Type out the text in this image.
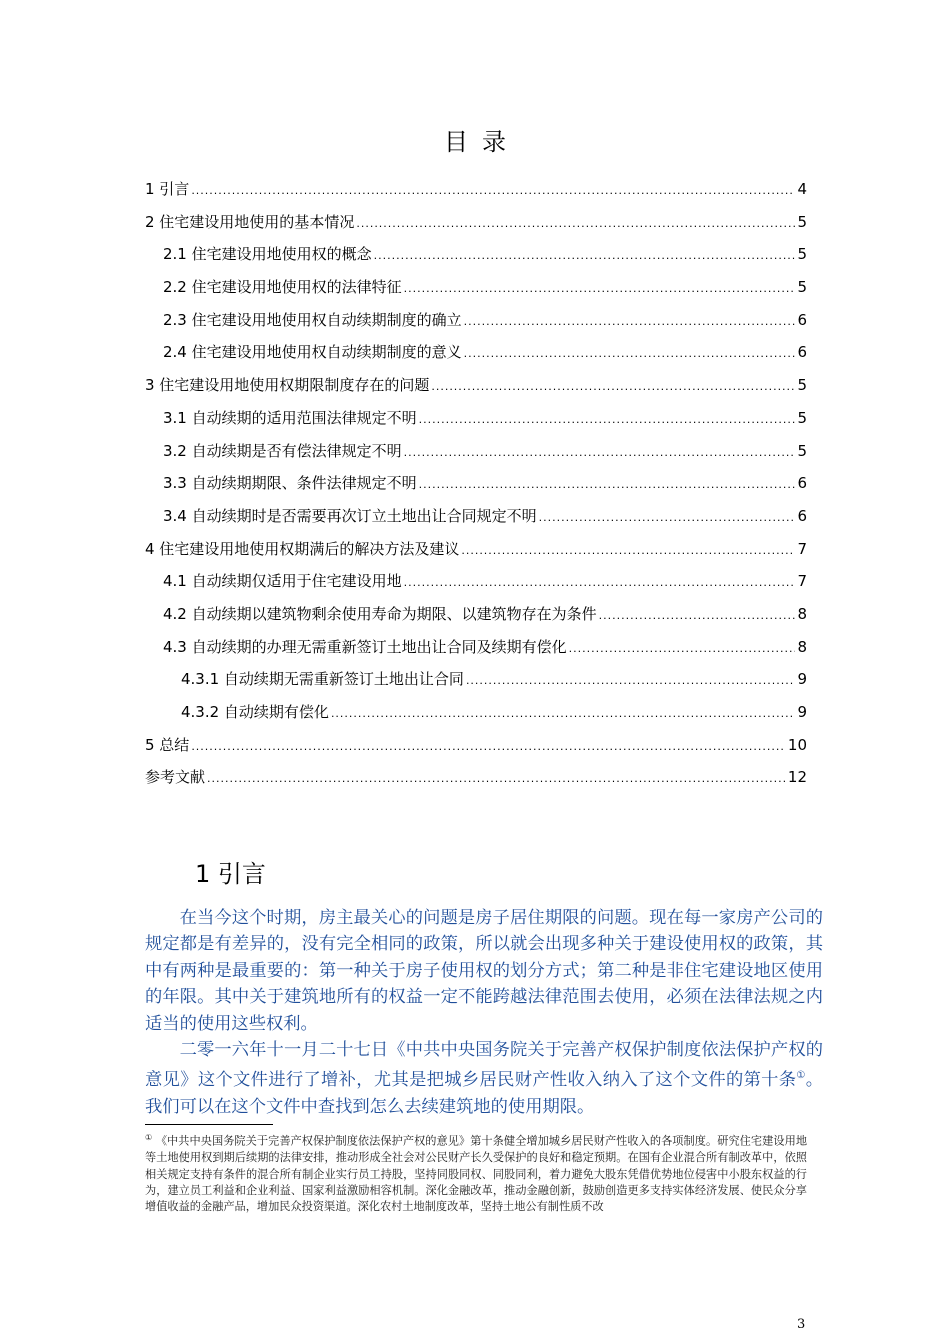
目录
1 引言 .....	4
2 住宅建设用地使用的基本情况 .....	5
2.1 住宅建设用地使用权的概念 .....	5
2.2 住宅建设用地使用权的法律特征 .....	5
2.3 住宅建设用地使用权自动续期制度的确立 .....	6
2.4 住宅建设用地使用权自动续期制度的意义 .....	6
3 住宅建设用地使用权期限制度存在的问题 .....	5
3.1 自动续期的适用范围法律规定不明 .....	5
3.2 自动续期是否有偿法律规定不明 .....	5
3.3 自动续期期限、条件法律规定不明 .....	6
3.4 自动续期时是否需要再次订立土地出让合同规定不明 .....	6
4 住宅建设用地使用权期满后的解决方法及建议 .....	7
4.1 自动续期仅适用于住宅建设用地 .....	7
4.2 自动续期以建筑物剩余使用寿命为期限、以建筑物存在为条件 .....	8
4.3 自动续期的办理无需重新签订土地出让合同及续期有偿化 .....	8
4.3.1 自动续期无需重新签订土地出让合同 .....	9
4.3.2 自动续期有偿化 .....	9
5 总结 .....	10
参考文献 .....	12
1 引言

在当今这个时期，房主最关心的问题是房子居住期限的问题。现在每一家房产公司的规定都是有差异的，没有完全相同的政策，所以就会出现多种关于建设使用权的政策，其中有两种是最重要的：第一种关于房子使用权的划分方式；第二种是非住宅建设地区使用的年限。其中关于建筑地所有的权益一定不能跨越法律范围去使用，必须在法律法规之内适当的使用这些权利。

二零一六年十一月二十七日《中共中央国务院关于完善产权保护制度依法保护产权的意见》这个文件进行了增补，尤其是把城乡居民财产性收入纳入了这个文件的第十条①。我们可以在这个文件中查找到怎么去续建筑地的使用期限。

① 《中共中央国务院关于完善产权保护制度依法保护产权的意见》第十条健全增加城乡居民财产性收入的各项制度。研究住宅建设用地等土地使用权到期后续期的法律安排，推动形成全社会对公民财产长久受保护的良好和稳定预期。在国有企业混合所有制改革中，依照相关规定支持有条件的混合所有制企业实行员工持股，坚持同股同权、同股同利，着力避免大股东凭借优势地位侵害中小股东权益的行为，建立员工利益和企业利益、国家利益激励相容机制。深化金融改革，推动金融创新，鼓励创造更多支持实体经济发展、使民众分享增值收益的金融产品，增加民众投资渠道。深化农村土地制度改革，坚持土地公有制性质不改
3
